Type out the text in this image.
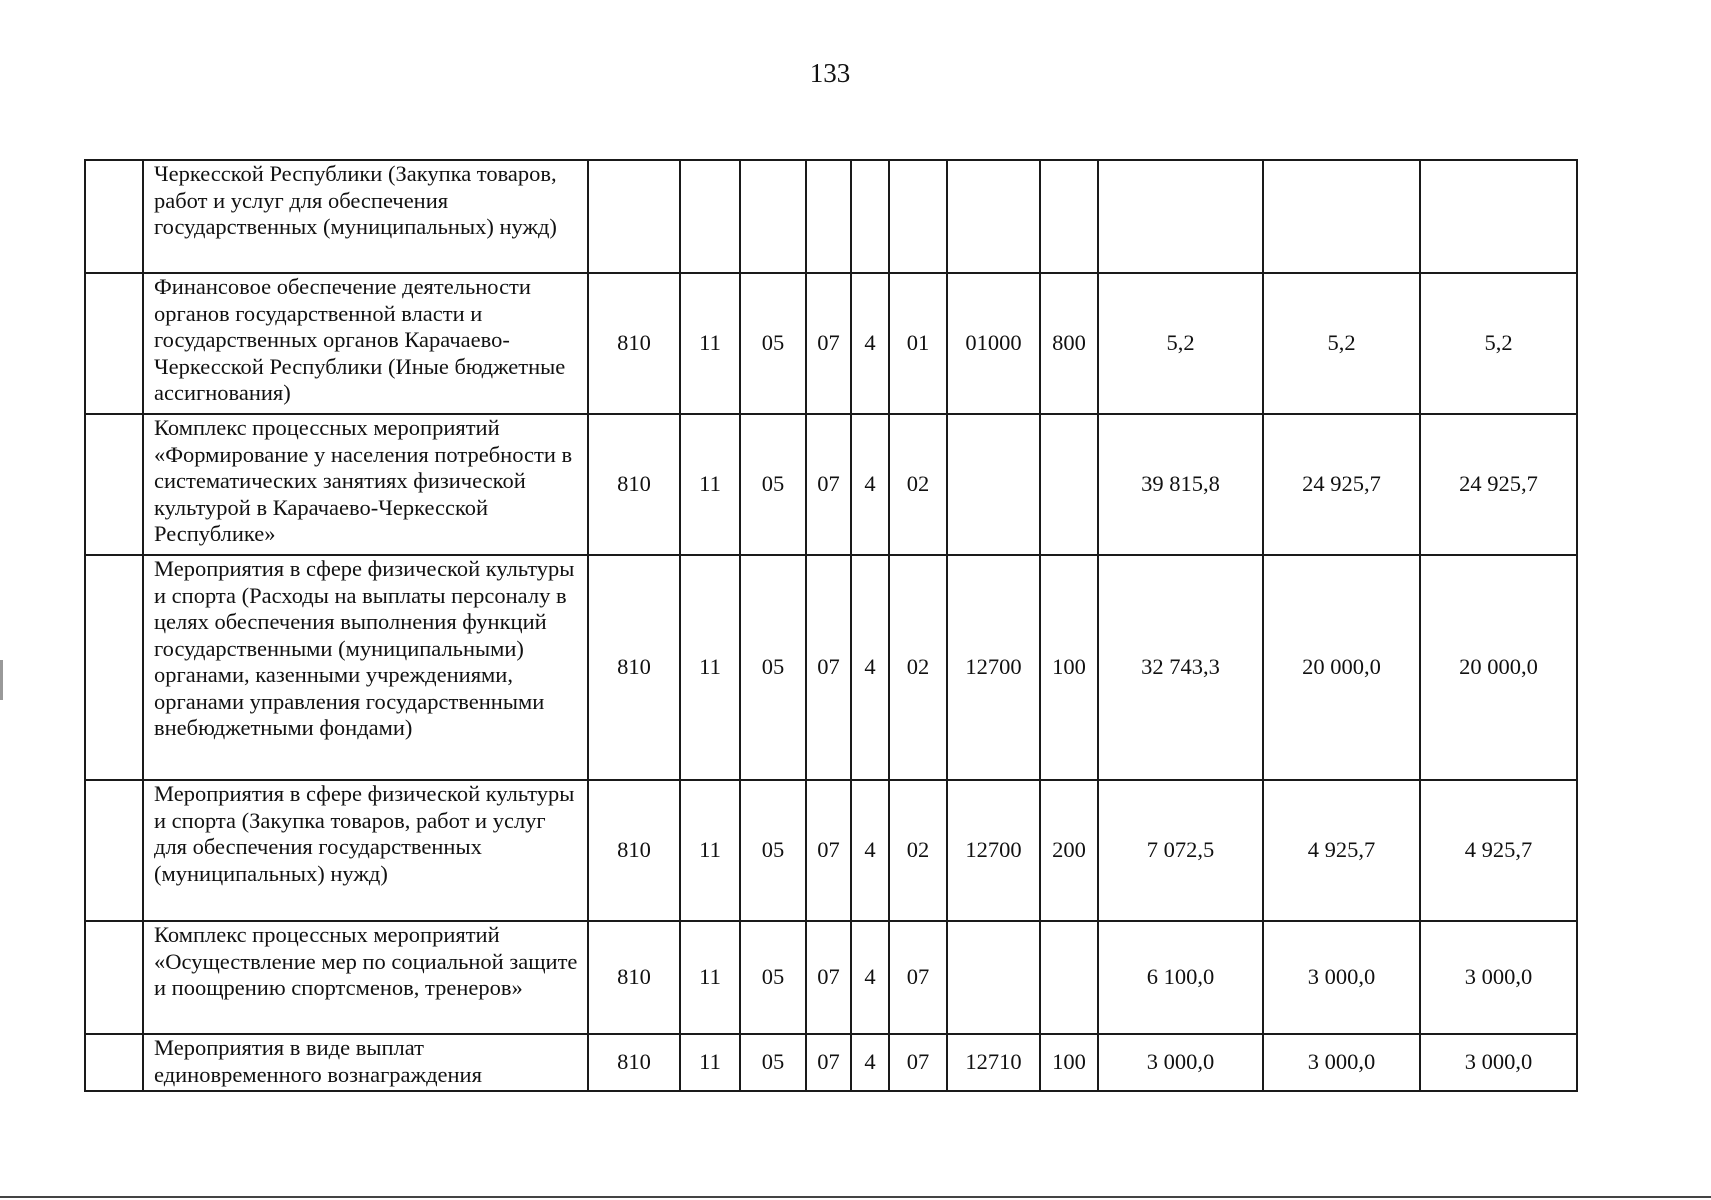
133
	Черкесской Республики (Закупка товаров, работ и услуг для обеспечения государственных (муниципальных) нужд)											
	Финансовое обеспечение деятельности органов государственной власти и государственных органов Карачаево-Черкесской Республики (Иные бюджетные ассигнования)	810	11	05	07	4	01	01000	800	5,2	5,2	5,2
	Комплекс процессных мероприятий «Формирование у населения потребности в систематических занятиях физической культурой в Карачаево-Черкесской Республике»	810	11	05	07	4	02			39 815,8	24 925,7	24 925,7
	Мероприятия в сфере физической культуры и спорта (Расходы на выплаты персоналу в целях обеспечения выполнения функций государственными (муниципальными) органами, казенными учреждениями, органами управления государственными внебюджетными фондами)	810	11	05	07	4	02	12700	100	32 743,3	20 000,0	20 000,0
	Мероприятия в сфере физической культуры и спорта (Закупка товаров, работ и услуг для обеспечения государственных (муниципальных) нужд)	810	11	05	07	4	02	12700	200	7 072,5	4 925,7	4 925,7
	Комплекс процессных мероприятий «Осуществление мер по социальной защите и поощрению спортсменов, тренеров»	810	11	05	07	4	07			6 100,0	3 000,0	3 000,0
	Мероприятия в виде выплат единовременного вознаграждения	810	11	05	07	4	07	12710	100	3 000,0	3 000,0	3 000,0
